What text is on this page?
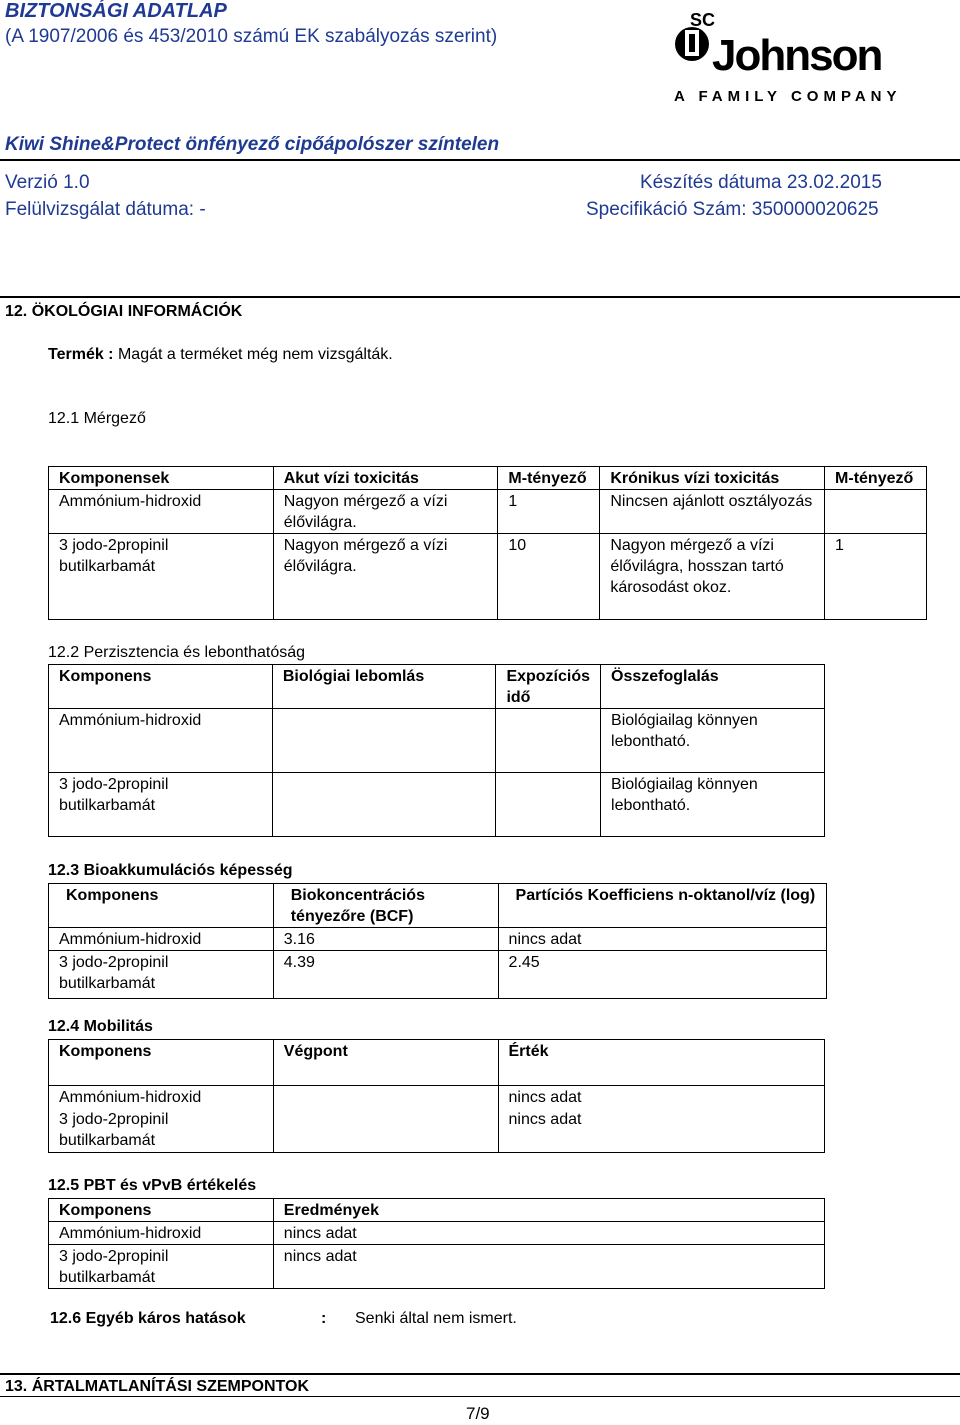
BIZTONSÁGI ADATLAP
(A 1907/2006 és 453/2010 számú EK szabályozás szerint)
SC
Johnson
A FAMILY COMPANY
Kiwi Shine&Protect önfényező cipőápolószer színtelen
Verzió 1.0
Felülvizsgálat dátuma: -
Készítés dátuma 23.02.2015
Specifikáció Szám: 350000020625
12. ÖKOLÓGIAI INFORMÁCIÓK
Termék : Magát a terméket még nem vizsgálták.
12.1 Mérgező
Komponensek	Akut vízi toxicitás	M-tényező	Krónikus vízi toxicitás	M-tényező
Ammónium-hidroxid	Nagyon mérgező a vízi élővilágra.	1	Nincsen ajánlott osztályozás	
3 jodo-2propinil butilkarbamát	Nagyon mérgező a vízi élővilágra.	10	Nagyon mérgező a vízi élővilágra, hosszan tartó károsodást okoz.	1
12.2 Perzisztencia és lebonthatóság
Komponens	Biológiai lebomlás	Expozíciós idő	Összefoglalás
Ammónium-hidroxid			Biológiailag könnyen lebontható.
3 jodo-2propinil butilkarbamát			Biológiailag könnyen lebontható.
12.3 Bioakkumulációs képesség
Komponens	Biokoncentrációs tényezőre (BCF)	Partíciós Koefficiens n-oktanol/víz (log)
Ammónium-hidroxid	3.16	nincs adat
3 jodo-2propinil butilkarbamát	4.39	2.45
12.4 Mobilitás
Komponens	Végpont	Érték
Ammónium-hidroxid		nincs adat
3 jodo-2propinil butilkarbamát		nincs adat
12.5 PBT és vPvB értékelés
Komponens	Eredmények
Ammónium-hidroxid	nincs adat
3 jodo-2propinil butilkarbamát	nincs adat
12.6 Egyéb káros hatások	: Senki által nem ismert.
13. ÁRTALMATLANÍTÁSI SZEMPONTOK
7/9
